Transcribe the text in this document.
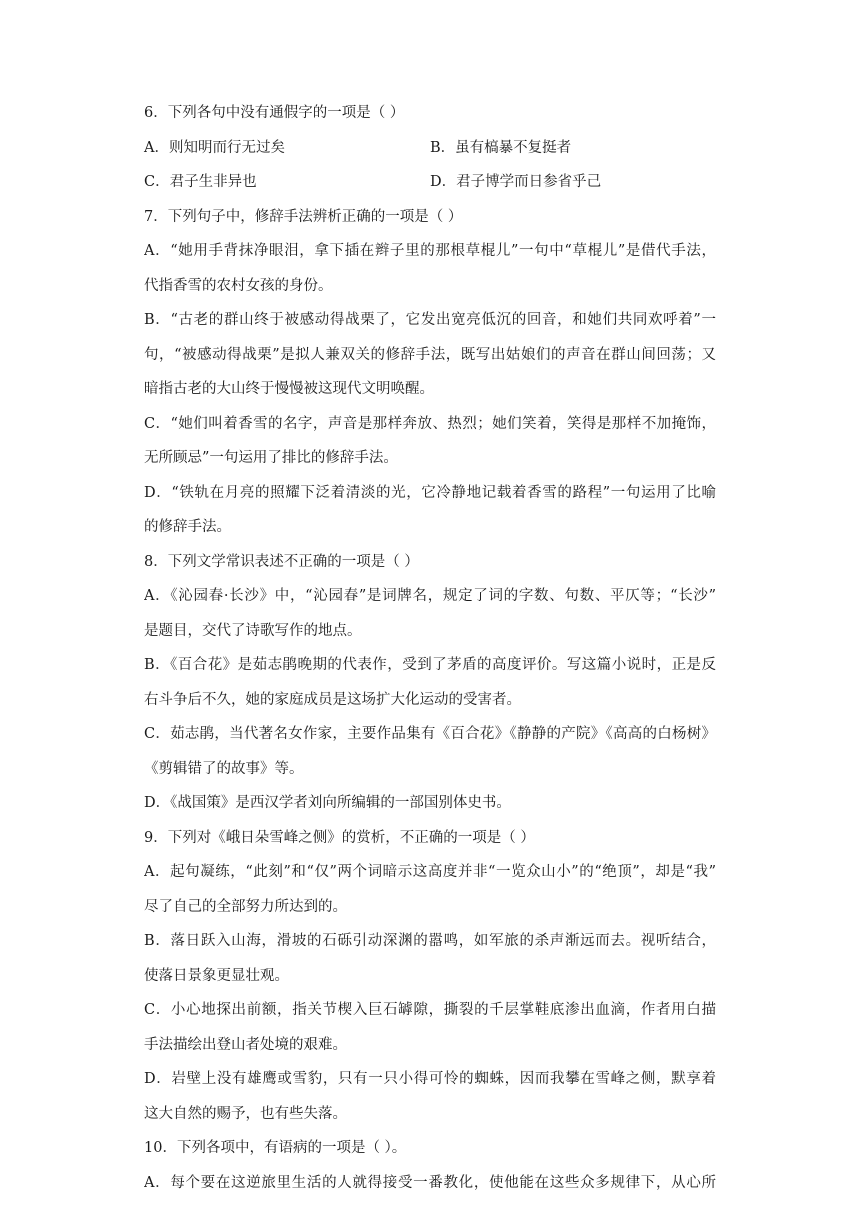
6．下列各句中没有通假字的一项是（ ）
A．则知明而行无过矣	B．虽有槁暴不复挺者
C．君子生非异也	D．君子博学而日参省乎己
7．下列句子中，修辞手法辨析正确的一项是（ ）
A．“她用手背抹净眼泪，拿下插在辫子里的那根草棍儿”一句中“草棍儿”是借代手法，
代指香雪的农村女孩的身份。
B．“古老的群山终于被感动得战栗了，它发出宽亮低沉的回音，和她们共同欢呼着”一
句，“被感动得战栗”是拟人兼双关的修辞手法，既写出姑娘们的声音在群山间回荡；又
暗指古老的大山终于慢慢被这现代文明唤醒。
C．“她们叫着香雪的名字，声音是那样奔放、热烈；她们笑着，笑得是那样不加掩饰，
无所顾忌”一句运用了排比的修辞手法。
D．“铁轨在月亮的照耀下泛着清淡的光，它冷静地记载着香雪的路程”一句运用了比喻
的修辞手法。
8．下列文学常识表述不正确的一项是（ ）
A．《沁园春·长沙》中，“沁园春”是词牌名，规定了词的字数、句数、平仄等；“长沙”
是题目，交代了诗歌写作的地点。
B．《百合花》是茹志鹃晚期的代表作，受到了茅盾的高度评价。写这篇小说时，正是反
右斗争后不久，她的家庭成员是这场扩大化运动的受害者。
C．茹志鹃，当代著名女作家，主要作品集有《百合花》《静静的产院》《高高的白杨树》
《剪辑错了的故事》等。
D．《战国策》是西汉学者刘向所编辑的一部国别体史书。
9．下列对《峨日朵雪峰之侧》的赏析，不正确的一项是（ ）
A．起句凝练，“此刻”和“仅”两个词暗示这高度并非“一览众山小”的“绝顶”，却是“我”
尽了自己的全部努力所达到的。
B．落日跃入山海，滑坡的石砾引动深渊的嚣鸣，如军旅的杀声渐远而去。视听结合，
使落日景象更显壮观。
C．小心地探出前额，指关节楔入巨石罅隙，撕裂的千层掌鞋底渗出血滴，作者用白描
手法描绘出登山者处境的艰难。
D．岩壁上没有雄鹰或雪豹，只有一只小得可怜的蜘蛛，因而我攀在雪峰之侧，默享着
这大自然的赐予，也有些失落。
10．下列各项中，有语病的一项是（ ）。
A．每个要在这逆旅里生活的人就得接受一番教化，使他能在这些众多规律下，从心所
